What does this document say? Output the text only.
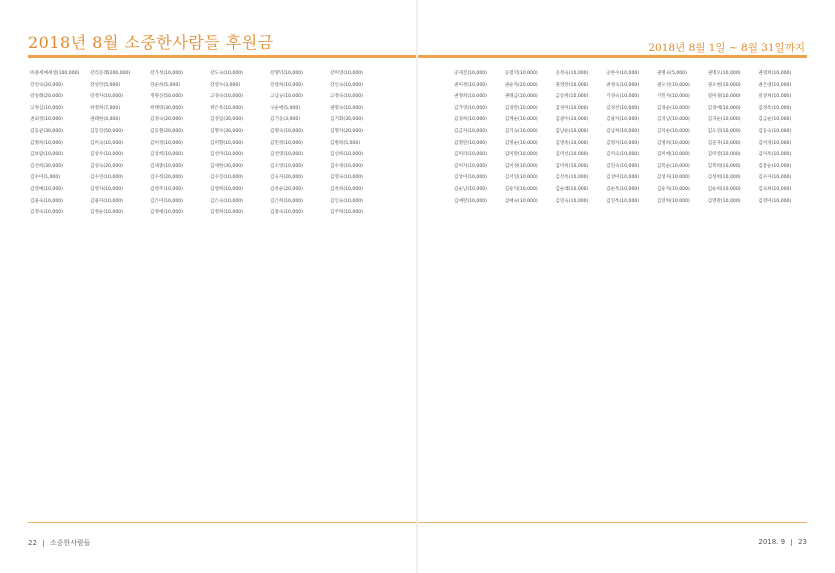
2018년 8월 소중한사람들 후원금
㈜중세메세센(100,000)	강리동례(200,000)	강가성(10,000)	강도숙(10,000)	강명덕(10,000)	강미영(10,000)
강선숙(20,000)	강성민(5,000)	강순희(5,000)	강영수(3,000)	강영희(10,000)	강인숙(10,000)
강일례(20,000)	강정자(10,000)	개명신(50,000)	고경숙(10,000)	고남규(10,000)	고정숙(10,000)
고정심(10,000)	곽정희(7,000)	곽태영(30,000)	곽은옥(10,000)	구순애(5,000)	권명숙(10,000)
권외정(10,000)	권태현(4,000)	김경숙(20,000)	김경임(30,000)	김기동(3,000)	김기화(30,000)
김동균(30,000)	김동진(50,000)	김동철(20,000)	김명수(30,000)	김명숙(10,000)	김명자(20,000)
김명희(10,000)	김미숙(10,000)	김미정(10,000)	김미향(10,000)	김민정(10,000)	김병희(5,000)
김보람(10,000)	김상수(10,000)	김상희(10,000)	김선미(10,000)	김선영(10,000)	김선희(10,000)
김선희(30,000)	김성숙(20,000)	김세종(10,000)	김세현(30,000)	김소영(10,000)	김수경(10,000)
김수미(1,000)	김수연(10,000)	김수정(20,000)	김수진(10,000)	김숙자(20,000)	김영숙(10,000)
김영애(10,000)	김영자(10,000)	김영주(10,000)	김영희(10,000)	김옥순(20,000)	김옥희(10,000)
김용숙(10,000)	김용자(10,000)	김은미(10,000)	김은숙(10,000)	김은희(10,000)	김인숙(10,000)
김정숙(10,000)	김정순(10,000)	김정애(10,000)	김정희(10,000)	김종숙(10,000)	김주희(10,000)
22 소중한사람들
2018년 8월 1일 ~ 8월 31일까지
공세진(10,000)	공점덕(10,000)	공정숙(10,000)	공한수(10,000)	권명숙(5,000)	권명오(10,000)	권명희(10,000)
권미정(10,000)	권순자(20,000)	권영란(10,000)	권영숙(10,000)	권오선(10,000)	권오현(10,000)	권은영(10,000)
권정희(10,000)	권태금(10,000)	금동희(10,000)	기경숙(10,000)	기민자(10,000)	길미경(10,000)	길상희(10,000)
김가영(10,000)	김경란(10,000)	김경미(10,000)	김경선(10,000)	김경순(10,000)	김경애(10,000)	김경옥(10,000)
김경희(10,000)	김계순(10,000)	김광수(10,000)	김광자(10,000)	김귀남(10,000)	김귀순(10,000)	김금순(10,000)
김금자(10,000)	김기숙(10,000)	김남순(10,000)	김남희(10,000)	김덕순(10,000)	김도연(10,000)	김동숙(10,000)
김명란(10,000)	김명순(10,000)	김명옥(10,000)	김명자(10,000)	김명희(10,000)	김문자(10,000)	김미경(10,000)
김미라(10,000)	김미란(10,000)	김미선(10,000)	김미숙(10,000)	김미애(10,000)	김미영(10,000)	김미옥(10,000)
김미자(10,000)	김미정(10,000)	김미희(10,000)	김민숙(10,000)	김복순(10,000)	김복희(10,000)	김봉순(10,000)
김상미(10,000)	김서연(10,000)	김선옥(10,000)	김성미(10,000)	김성자(10,000)	김성희(10,000)	김수자(10,000)
김순남(10,000)	김순덕(10,000)	김순례(10,000)	김순옥(10,000)	김순자(10,000)	김순희(10,000)	김숙희(10,000)
김애란(10,000)	김애숙(10,000)	김연숙(10,000)	김연옥(10,000)	김연희(10,000)	김영란(10,000)	김영미(10,000)
2018. 9 23
